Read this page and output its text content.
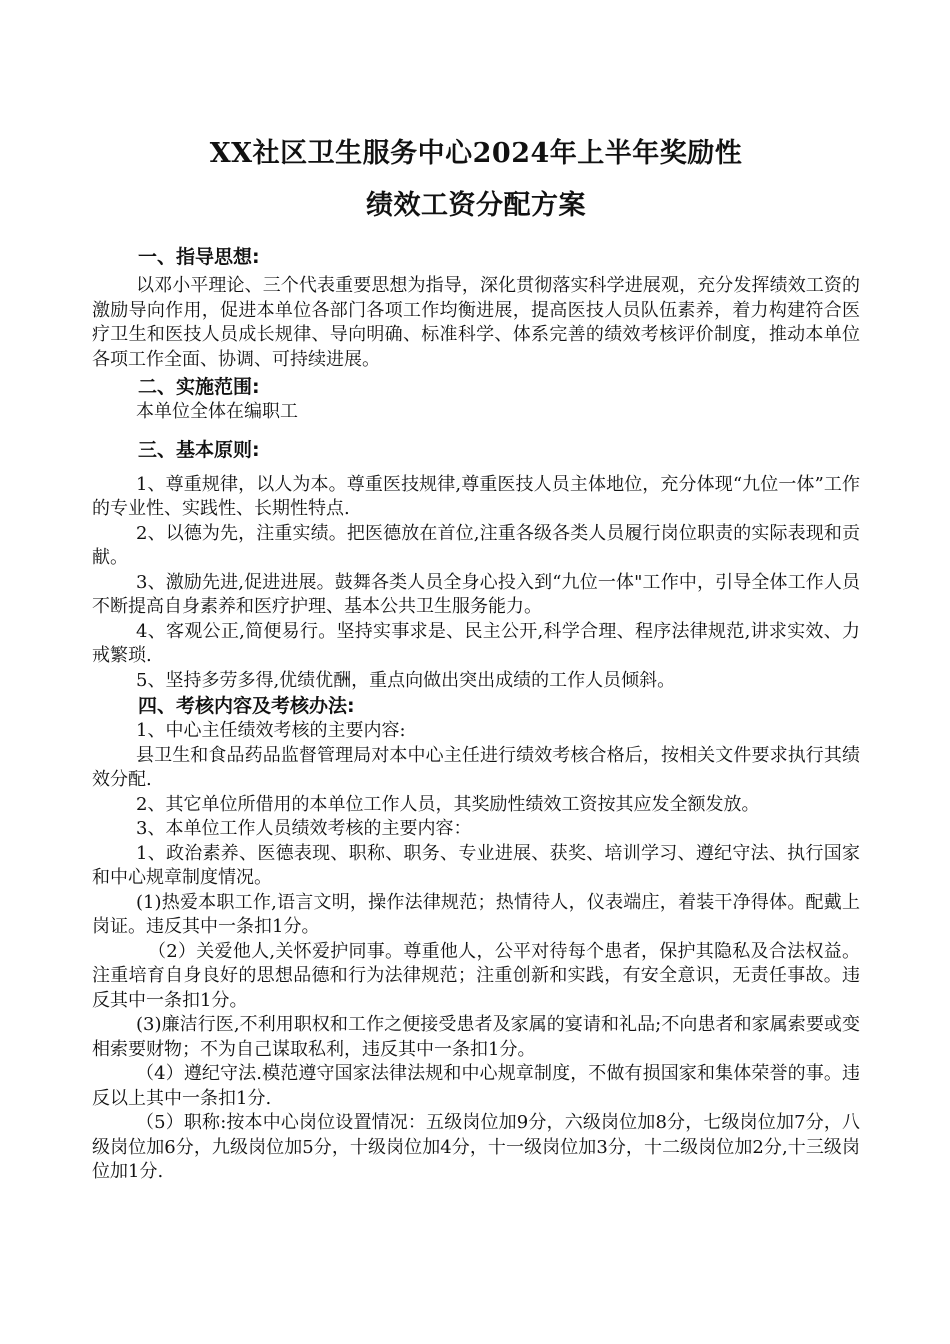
XX社区卫生服务中心2024年上半年奖励性
绩效工资分配方案
一、指导思想:

以邓小平理论、三个代表重要思想为指导，深化贯彻落实科学进展观，充分发挥绩效工资的激励导向作用，促进本单位各部门各项工作均衡进展，提高医技人员队伍素养，着力构建符合医疗卫生和医技人员成长规律、导向明确、标准科学、体系完善的绩效考核评价制度，推动本单位各项工作全面、协调、可持续进展。

二、实施范围:

本单位全体在编职工

三、基本原则:

1、尊重规律，以人为本。尊重医技规律,尊重医技人员主体地位，充分体现“九位一体”工作的专业性、实践性、长期性特点.

2、以德为先，注重实绩。把医德放在首位,注重各级各类人员履行岗位职责的实际表现和贡献。

3、激励先进,促进进展。鼓舞各类人员全身心投入到“九位一体"工作中，引导全体工作人员不断提高自身素养和医疗护理、基本公共卫生服务能力。

4、客观公正,简便易行。坚持实事求是、民主公开,科学合理、程序法律规范,讲求实效、力戒繁琐.

5、坚持多劳多得,优绩优酬，重点向做出突出成绩的工作人员倾斜。

四、考核内容及考核办法:

1、中心主任绩效考核的主要内容:

县卫生和食品药品监督管理局对本中心主任进行绩效考核合格后，按相关文件要求执行其绩效分配.

2、其它单位所借用的本单位工作人员，其奖励性绩效工资按其应发全额发放。

3、本单位工作人员绩效考核的主要内容：

1、政治素养、医德表现、职称、职务、专业进展、获奖、培训学习、遵纪守法、执行国家和中心规章制度情况。

(1)热爱本职工作,语言文明，操作法律规范；热情待人，仪表端庄，着装干净得体。配戴上岗证。违反其中一条扣1分。

（2）关爱他人,关怀爱护同事。尊重他人，公平对待每个患者，保护其隐私及合法权益。注重培育自身良好的思想品德和行为法律规范；注重创新和实践，有安全意识，无责任事故。违反其中一条扣1分。

(3)廉洁行医,不利用职权和工作之便接受患者及家属的宴请和礼品;不向患者和家属索要或变相索要财物；不为自己谋取私利，违反其中一条扣1分。

（4）遵纪守法.模范遵守国家法律法规和中心规章制度，不做有损国家和集体荣誉的事。违反以上其中一条扣1分.

（5）职称:按本中心岗位设置情况：五级岗位加9分，六级岗位加8分，七级岗位加7分，八级岗位加6分，九级岗位加5分，十级岗位加4分，十一级岗位加3分，十二级岗位加2分,十三级岗位加1分.
